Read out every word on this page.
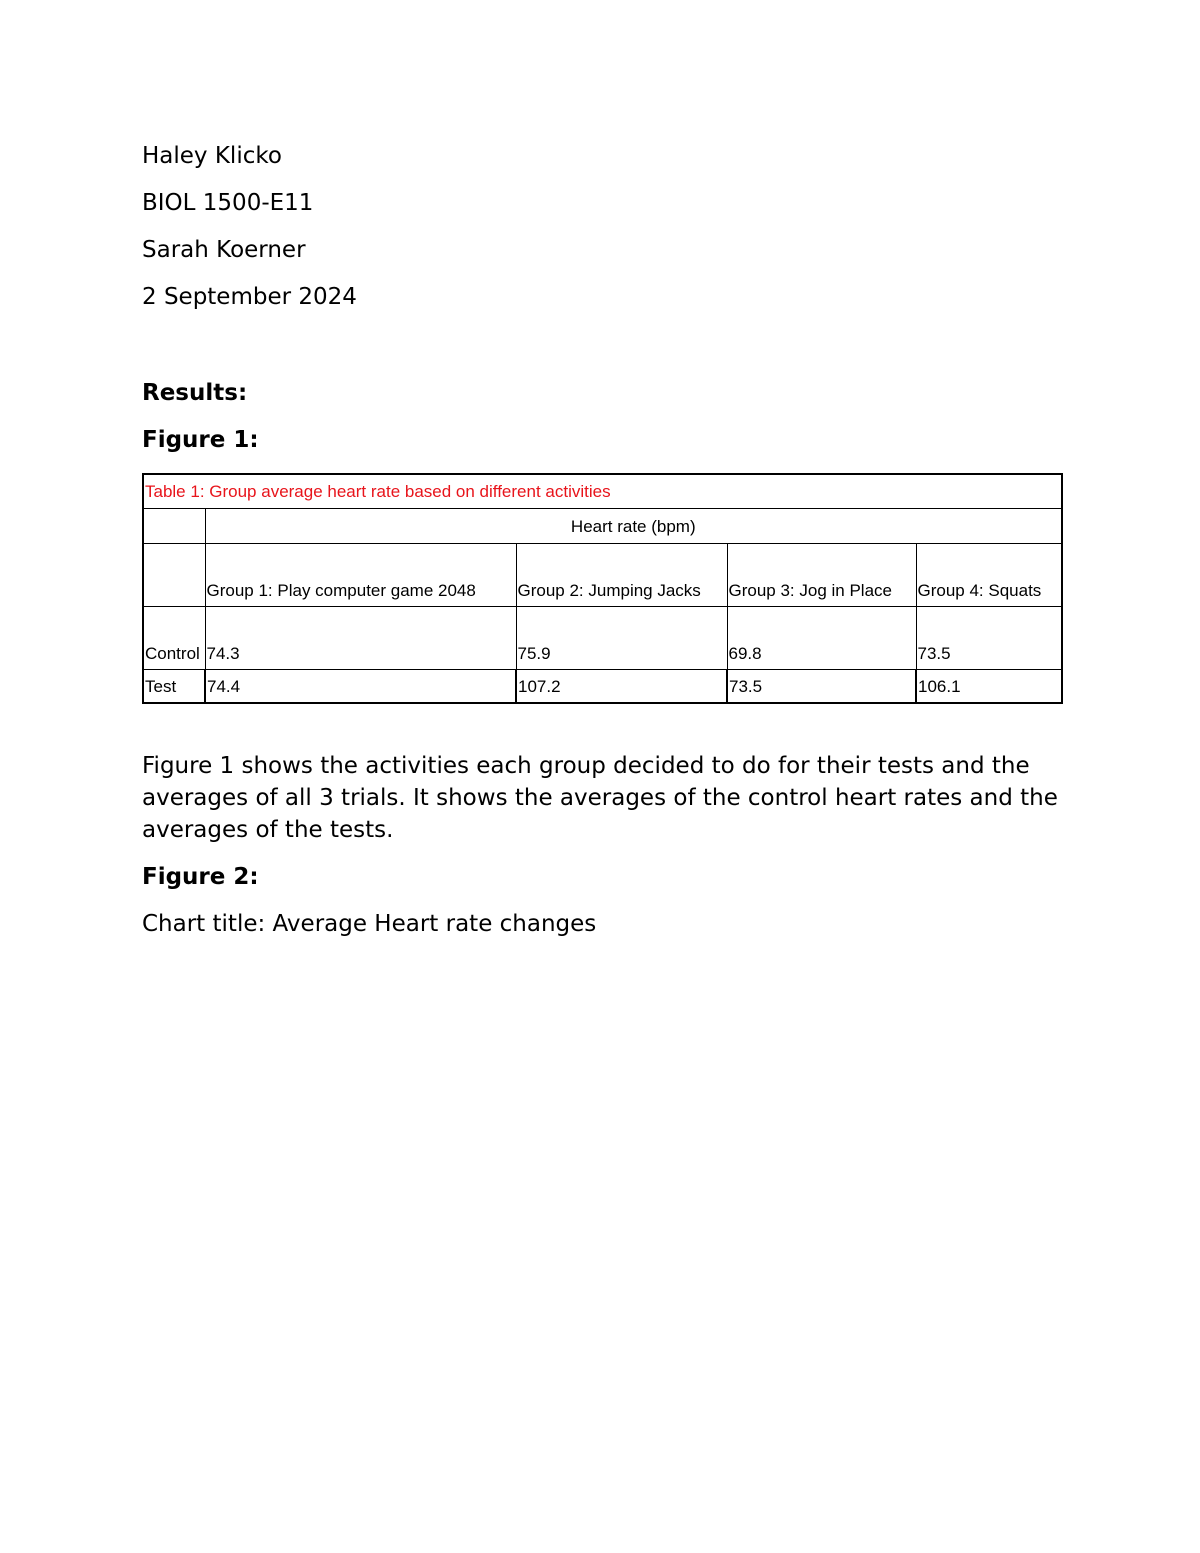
Haley Klicko

BIOL 1500-E11

Sarah Koerner

2 September 2024

Results:

Figure 1:

Table 1: Group average heart rate based on different activities				
	Heart rate (bpm)			
	Group 1: Play computer game 2048	Group 2: Jumping Jacks	Group 3: Jog in Place	Group 4: Squats
Control	74.3	75.9	69.8	73.5
Test	74.4	107.2	73.5	106.1

Figure 1 shows the activities each group decided to do for their tests and the averages of all 3 trials. It shows the averages of the control heart rates and the averages of the tests.

Figure 2:

Chart title: Average Heart rate changes
